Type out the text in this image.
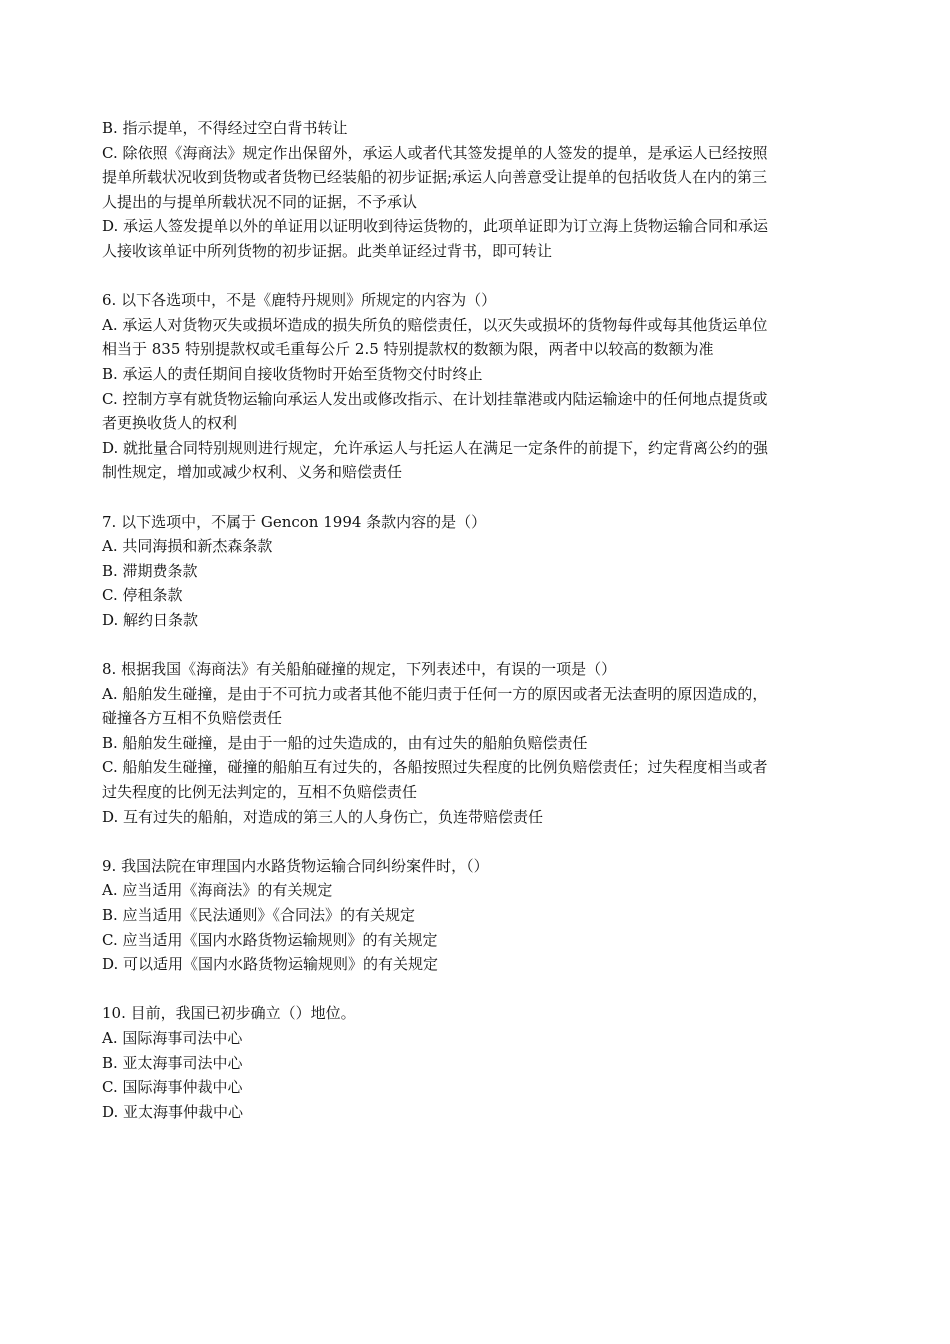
B. 指示提单，不得经过空白背书转让

C. 除依照《海商法》规定作出保留外，承运人或者代其签发提单的人签发的提单，是承运人已经按照

提单所载状况收到货物或者货物已经装船的初步证据;承运人向善意受让提单的包括收货人在内的第三

人提出的与提单所载状况不同的证据，不予承认

D. 承运人签发提单以外的单证用以证明收到待运货物的，此项单证即为订立海上货物运输合同和承运

人接收该单证中所列货物的初步证据。此类单证经过背书，即可转让

6. 以下各选项中，不是《鹿特丹规则》所规定的内容为（）

A. 承运人对货物灭失或损坏造成的损失所负的赔偿责任，以灭失或损坏的货物每件或每其他货运单位

相当于 835 特别提款权或毛重每公斤 2.5 特别提款权的数额为限，两者中以较高的数额为准

B. 承运人的责任期间自接收货物时开始至货物交付时终止

C. 控制方享有就货物运输向承运人发出或修改指示、在计划挂靠港或内陆运输途中的任何地点提货或

者更换收货人的权利

D. 就批量合同特别规则进行规定，允许承运人与托运人在满足一定条件的前提下，约定背离公约的强

制性规定，增加或减少权利、义务和赔偿责任

7. 以下选项中，不属于 Gencon 1994 条款内容的是（）

A. 共同海损和新杰森条款

B. 滞期费条款

C. 停租条款

D. 解约日条款

8. 根据我国《海商法》有关船舶碰撞的规定，下列表述中，有误的一项是（）

A. 船舶发生碰撞，是由于不可抗力或者其他不能归责于任何一方的原因或者无法查明的原因造成的，

碰撞各方互相不负赔偿责任

B. 船舶发生碰撞，是由于一船的过失造成的，由有过失的船舶负赔偿责任

C. 船舶发生碰撞，碰撞的船舶互有过失的，各船按照过失程度的比例负赔偿责任；过失程度相当或者

过失程度的比例无法判定的，互相不负赔偿责任

D. 互有过失的船舶，对造成的第三人的人身伤亡，负连带赔偿责任

9. 我国法院在审理国内水路货物运输合同纠纷案件时，（）

A. 应当适用《海商法》的有关规定

B. 应当适用《民法通则》《合同法》的有关规定

C. 应当适用《国内水路货物运输规则》的有关规定

D. 可以适用《国内水路货物运输规则》的有关规定

10. 目前，我国已初步确立（）地位。

A. 国际海事司法中心

B. 亚太海事司法中心

C. 国际海事仲裁中心

D. 亚太海事仲裁中心
